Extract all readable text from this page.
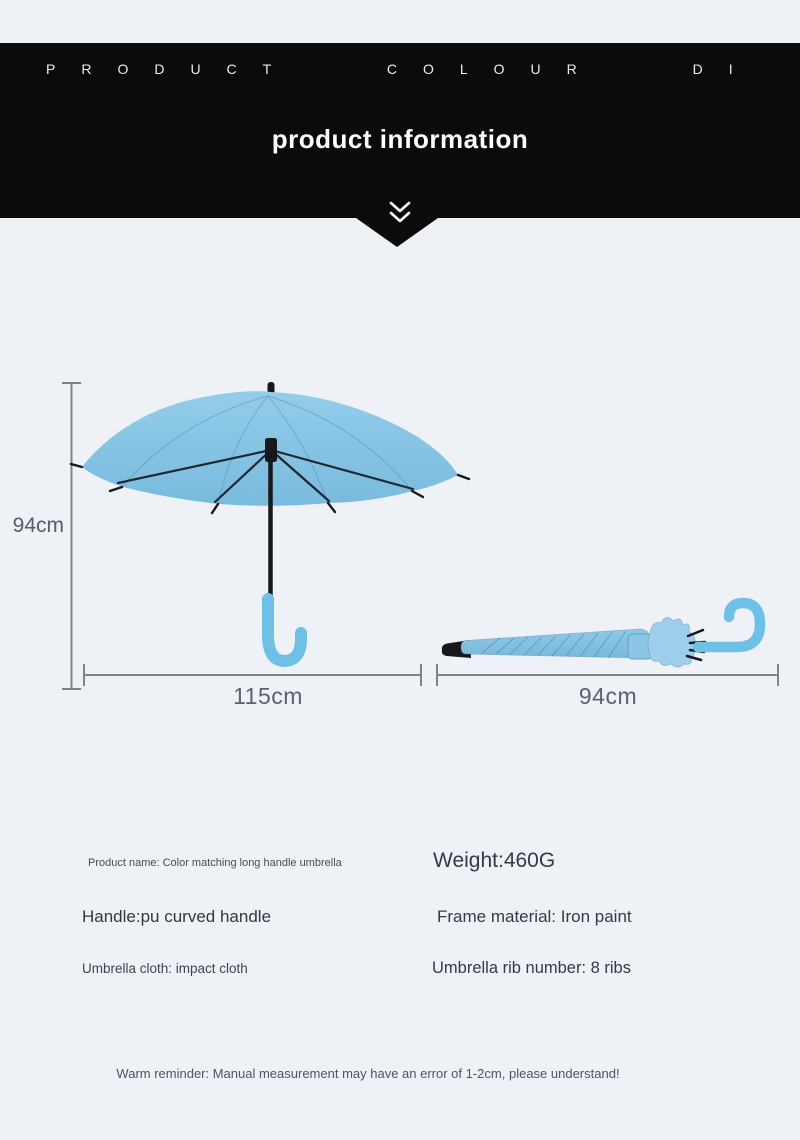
PRODUCT COLOUR DI
product information
94cm
115cm	94cm
Product name: Color matching long handle umbrella	Weight:460G
Handle:pu curved handle	Frame material: Iron paint
Umbrella cloth: impact cloth	Umbrella rib number: 8 ribs
Warm reminder: Manual measurement may have an error of 1-2cm, please understand!
